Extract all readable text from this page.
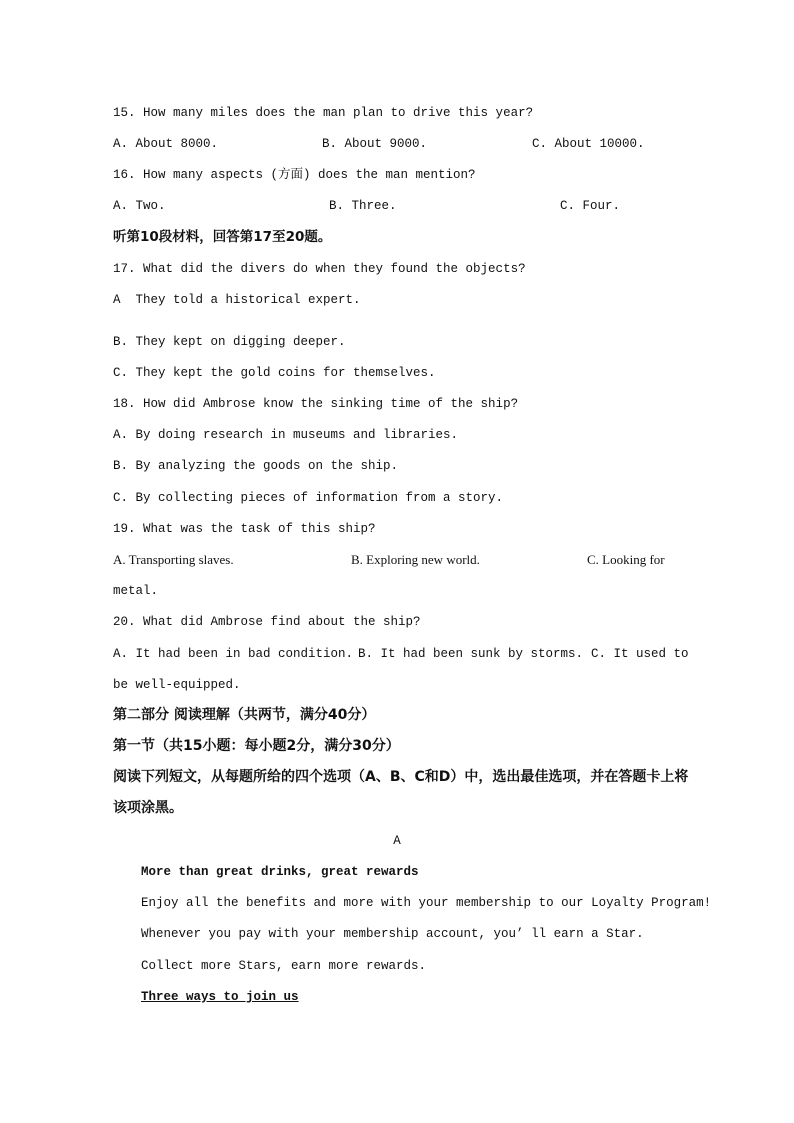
15. How many miles does the man plan to drive this year?
A. About 8000.	B. About 9000.	C. About 10000.
16. How many aspects (方面) does the man mention?
A. Two.	B. Three.	C. Four.
听第10段材料，回答第17至20题。
17. What did the divers do when they found the objects?
A  They told a historical expert.
B. They kept on digging deeper.
C. They kept the gold coins for themselves.
18. How did Ambrose know the sinking time of the ship?
A. By doing research in museums and libraries.
B. By analyzing the goods on the ship.
C. By collecting pieces of information from a story.
19. What was the task of this ship?
A. Transporting slaves.	B. Exploring new world.	C. Looking for
metal.
20. What did Ambrose find about the ship?
A. It had been in bad condition. B. It had been sunk by storms. C. It used to
be well-equipped.
第二部分 阅读理解（共两节，满分40分）
第一节（共15小题：每小题2分，满分30分）
阅读下列短文，从每题所给的四个选项（A、B、C和D）中，选出最佳选项，并在答题卡上将
该项涂黑。
A
More than great drinks, great rewards
Enjoy all the benefits and more with your membership to our Loyalty Program!
Whenever you pay with your membership account, you’ ll earn a Star.
Collect more Stars, earn more rewards.
Three ways to join us
